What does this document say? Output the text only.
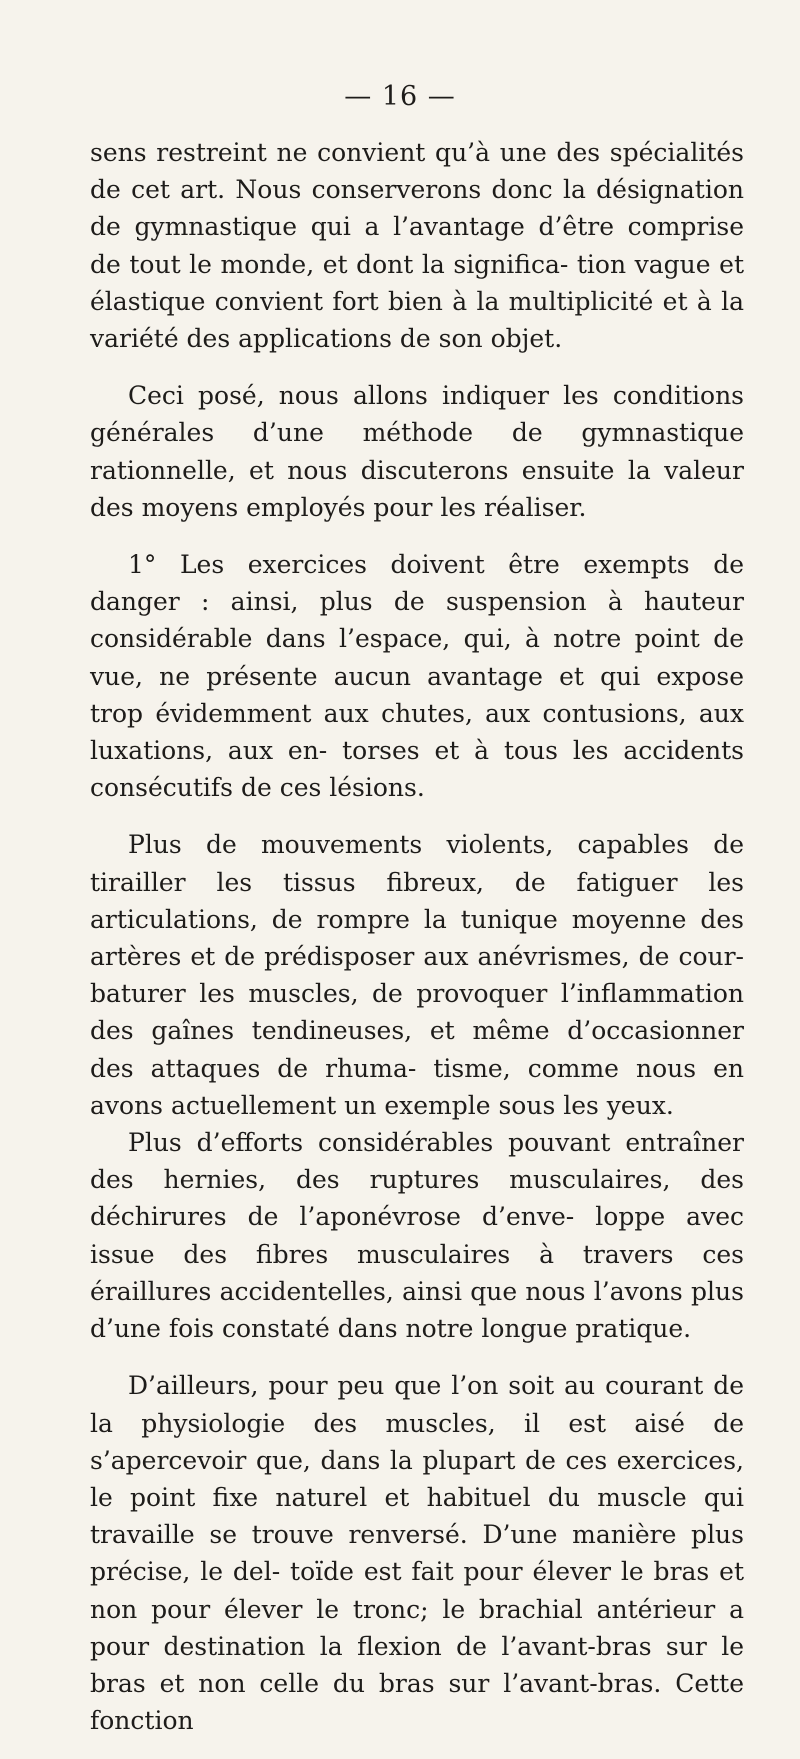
— 16 —

sens restreint ne convient qu’à une des spécialités de cet art. Nous conserverons donc la désignation de gymnastique qui a l’avantage d’être comprise de tout le monde, et dont la significa- tion vague et élastique convient fort bien à la multiplicité et à la variété des applications de son objet.

Ceci posé, nous allons indiquer les conditions générales d’une méthode de gymnastique rationnelle, et nous discuterons ensuite la valeur des moyens employés pour les réaliser.

1° Les exercices doivent être exempts de danger : ainsi, plus de suspension à hauteur considérable dans l’espace, qui, à notre point de vue, ne présente aucun avantage et qui expose trop évidemment aux chutes, aux contusions, aux luxations, aux en- torses et à tous les accidents consécutifs de ces lésions.

Plus de mouvements violents, capables de tirailler les tissus fibreux, de fatiguer les articulations, de rompre la tunique moyenne des artères et de prédisposer aux anévrismes, de cour- baturer les muscles, de provoquer l’inflammation des gaînes tendineuses, et même d’occasionner des attaques de rhuma- tisme, comme nous en avons actuellement un exemple sous les yeux.

Plus d’efforts considérables pouvant entraîner des hernies, des ruptures musculaires, des déchirures de l’aponévrose d’enve- loppe avec issue des fibres musculaires à travers ces éraillures accidentelles, ainsi que nous l’avons plus d’une fois constaté dans notre longue pratique.

D’ailleurs, pour peu que l’on soit au courant de la physiologie des muscles, il est aisé de s’apercevoir que, dans la plupart de ces exercices, le point fixe naturel et habituel du muscle qui travaille se trouve renversé. D’une manière plus précise, le del- toïde est fait pour élever le bras et non pour élever le tronc; le brachial antérieur a pour destination la flexion de l’avant-bras sur le bras et non celle du bras sur l’avant-bras. Cette fonction
